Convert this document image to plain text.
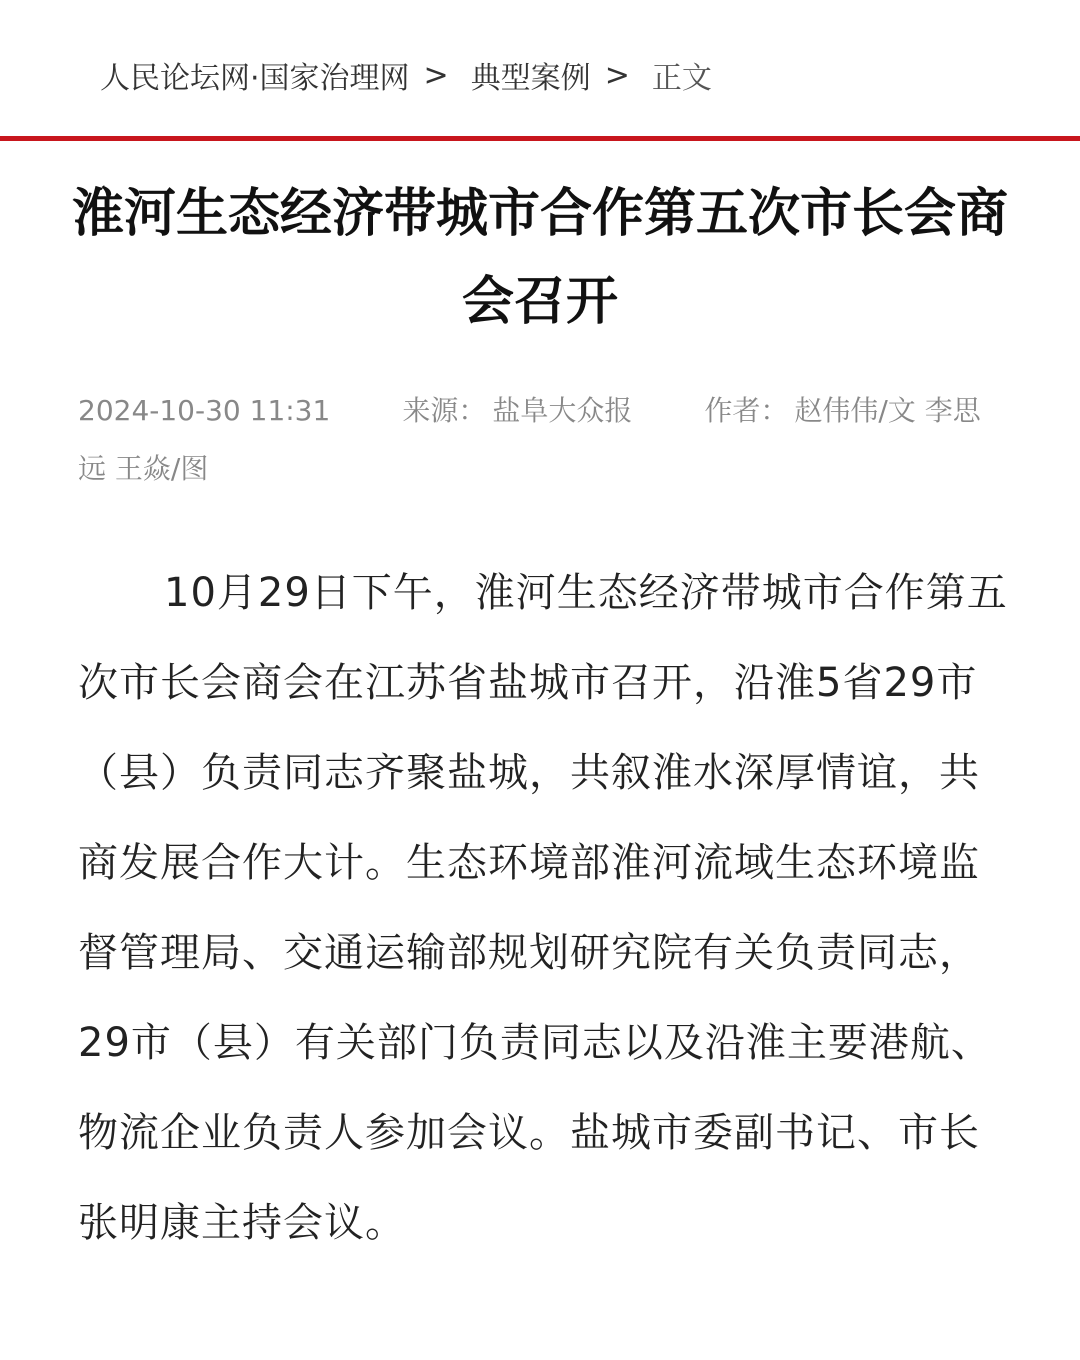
人民论坛网·国家治理网 > 典型案例 > 正文
淮河生态经济带城市合作第五次市长会商会召开
2024-10-30 11:31	来源： 盐阜大众报	作者： 赵伟伟/文 李思远 王焱/图

10月29日下午，淮河生态经济带城市合作第五次市长会商会在江苏省盐城市召开，沿淮5省29市（县）负责同志齐聚盐城，共叙淮水深厚情谊，共商发展合作大计。生态环境部淮河流域生态环境监督管理局、交通运输部规划研究院有关负责同志，29市（县）有关部门负责同志以及沿淮主要港航、物流企业负责人参加会议。盐城市委副书记、市长张明康主持会议。
